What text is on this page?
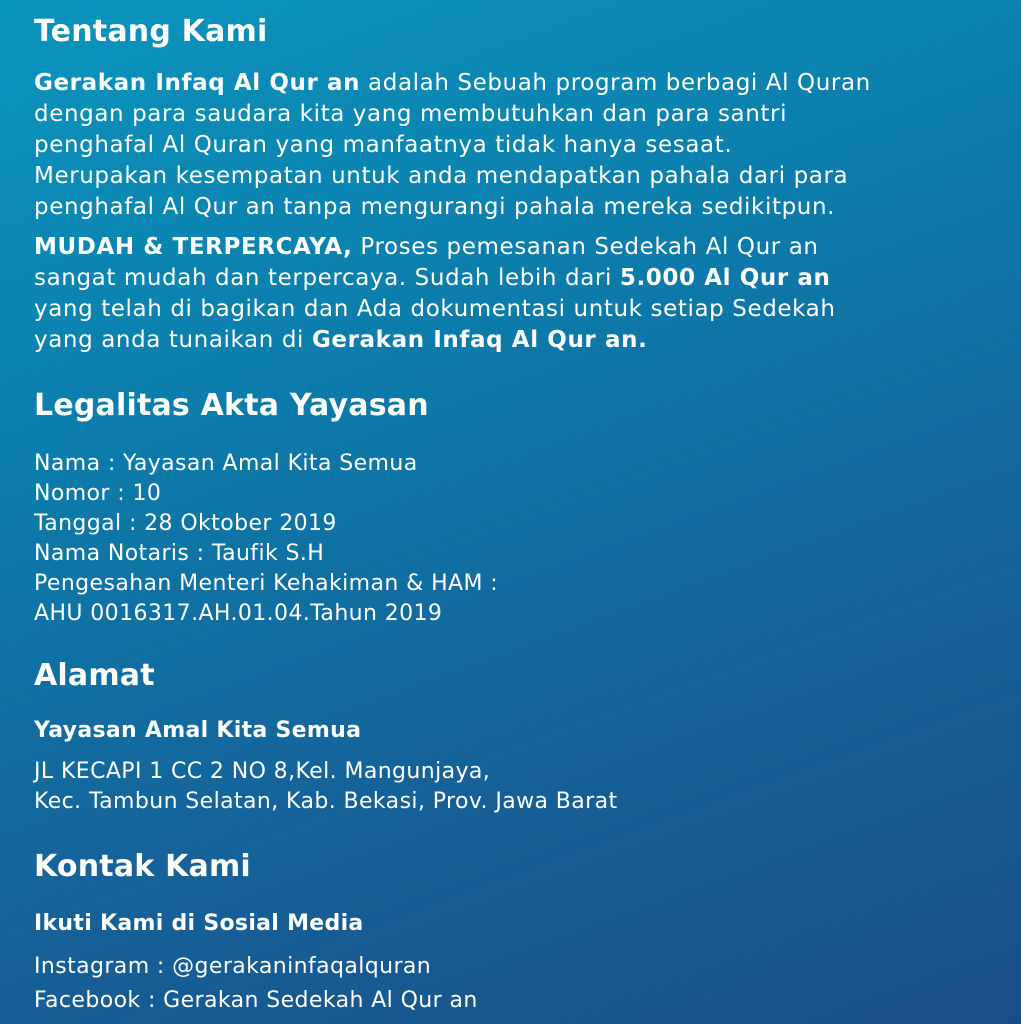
Tentang Kami

Gerakan Infaq Al Qur an adalah Sebuah program berbagi Al Quran

dengan para saudara kita yang membutuhkan dan para santri

penghafal Al Quran yang manfaatnya tidak hanya sesaat.

Merupakan kesempatan untuk anda mendapatkan pahala dari para

penghafal Al Qur an tanpa mengurangi pahala mereka sedikitpun.

MUDAH & TERPERCAYA, Proses pemesanan Sedekah Al Qur an

sangat mudah dan terpercaya. Sudah lebih dari 5.000 Al Qur an

yang telah di bagikan dan Ada dokumentasi untuk setiap Sedekah

yang anda tunaikan di Gerakan Infaq Al Qur an.

Legalitas Akta Yayasan
Nama : Yayasan Amal Kita Semua
Nomor : 10
Tanggal : 28 Oktober 2019
Nama Notaris : Taufik S.H
Pengesahan Menteri Kehakiman & HAM :
AHU 0016317.AH.01.04.Tahun 2019
Alamat
Yayasan Amal Kita Semua
JL KECAPI 1 CC 2 NO 8,Kel. Mangunjaya,
Kec. Tambun Selatan, Kab. Bekasi, Prov. Jawa Barat
Kontak Kami
Ikuti Kami di Sosial Media
Instagram : @gerakaninfaqalquran
Facebook : Gerakan Sedekah Al Qur an
